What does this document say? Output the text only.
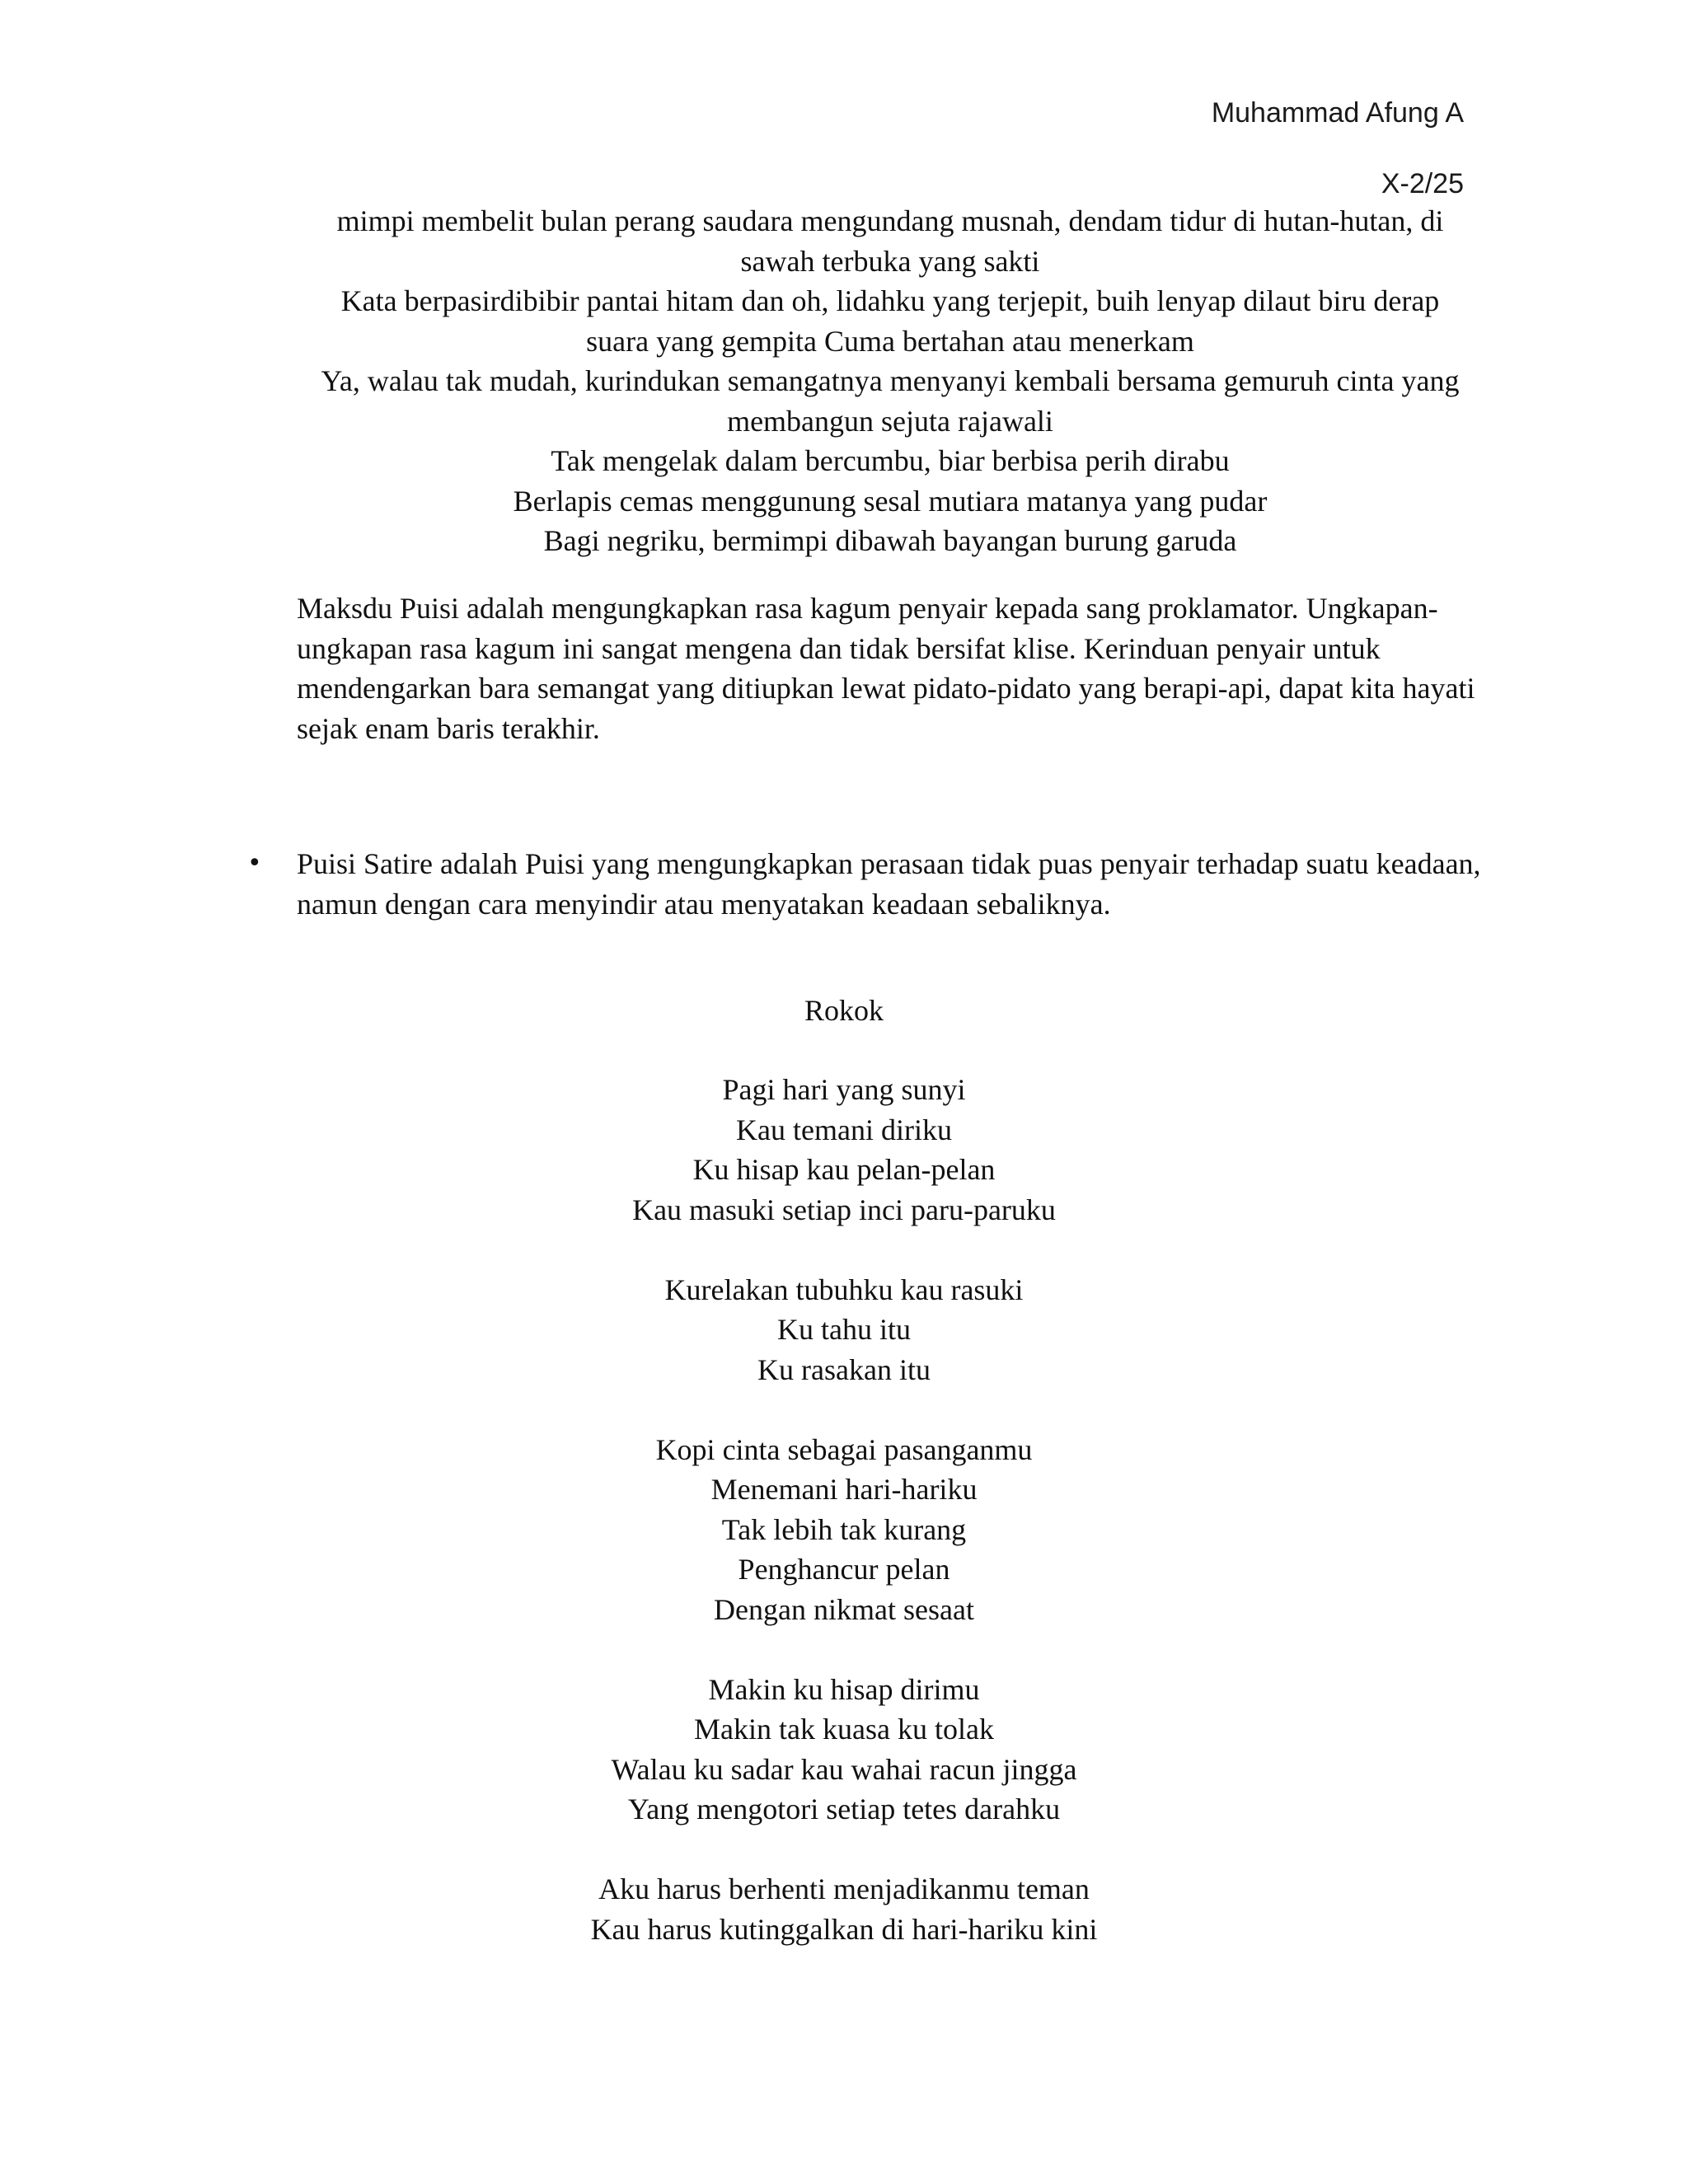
Muhammad Afung A
X-2/25
mimpi membelit bulan perang saudara mengundang musnah, dendam tidur di hutan-hutan, di
sawah terbuka yang sakti
Kata berpasirdibibir pantai hitam dan oh, lidahku yang terjepit, buih lenyap dilaut biru derap
suara yang gempita Cuma bertahan atau menerkam
Ya, walau tak mudah, kurindukan semangatnya menyanyi kembali bersama gemuruh cinta yang
membangun sejuta rajawali
Tak mengelak dalam bercumbu, biar berbisa perih dirabu
Berlapis cemas menggunung sesal mutiara matanya yang pudar
Bagi negriku, bermimpi dibawah bayangan burung garuda
Maksdu Puisi adalah mengungkapkan rasa kagum penyair kepada sang proklamator. Ungkapan-ungkapan rasa kagum ini sangat mengena dan tidak bersifat klise. Kerinduan penyair untuk mendengarkan bara semangat yang ditiupkan lewat pidato-pidato yang berapi-api, dapat kita hayati sejak enam baris terakhir.
•	Puisi Satire adalah Puisi yang mengungkapkan perasaan tidak puas penyair terhadap suatu keadaan, namun dengan cara menyindir atau menyatakan keadaan sebaliknya.
Rokok
Pagi hari yang sunyi
Kau temani diriku
Ku hisap kau pelan-pelan
Kau masuki setiap inci paru-paruku
Kurelakan tubuhku kau rasuki
Ku tahu itu
Ku rasakan itu
Kopi cinta sebagai pasanganmu
Menemani hari-hariku
Tak lebih tak kurang
Penghancur pelan
Dengan nikmat sesaat
Makin ku hisap dirimu
Makin tak kuasa ku tolak
Walau ku sadar kau wahai racun jingga
Yang mengotori setiap tetes darahku
Aku harus berhenti menjadikanmu teman
Kau harus kutinggalkan di hari-hariku kini
